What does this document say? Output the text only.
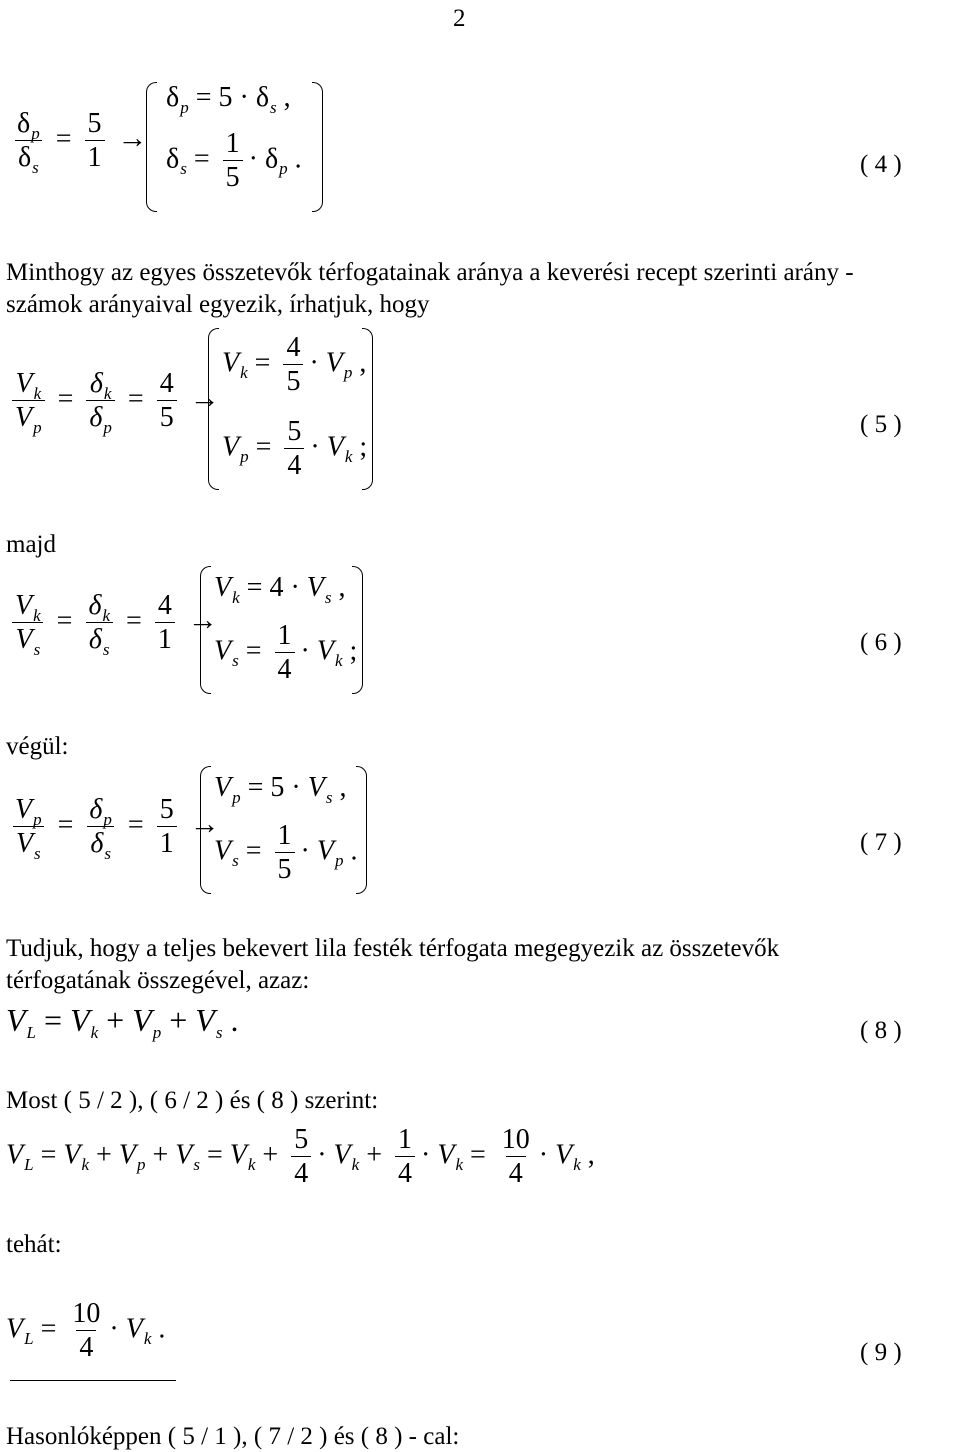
2
$\frac{\delta_p}{\delta_s} = \frac{5}{1}$ →
$\delta_p = 5 \cdot \delta_s$ ,
$\delta_s = \frac{1}{5} \cdot \delta_p$ .	( 4 )
Minthogy az egyes összetevők térfogatainak aránya a keverési recept szerinti arány -
számok arányaival egyezik, írhatjuk, hogy
$\frac{V_k}{V_p} = \frac{\delta_k}{\delta_p} = \frac{4}{5}$ →
$V_k = \frac{4}{5} \cdot V_p$ ,
$V_p = \frac{5}{4} \cdot V_k$ ;
( 5 )
majd
$\frac{V_k}{V_s} = \frac{\delta_k}{\delta_s} = \frac{4}{1}$ →
$V_k = 4 \cdot V_s$ ,
$V_s = \frac{1}{4} \cdot V_k$ ;	( 6 )
végül:
$\frac{V_p}{V_s} = \frac{\delta_p}{\delta_s} = \frac{5}{1}$ →
$V_p = 5 \cdot V_s$ ,
$V_s = \frac{1}{5} \cdot V_p$ .	( 7 )
Tudjuk, hogy a teljes bekevert lila festék térfogata megegyezik az összetevők
térfogatának összegével, azaz:
$V_L = V_k + V_p + V_s$ .	( 8 )
Most ( 5 / 2 ), ( 6 / 2 ) és ( 8 ) szerint:
$V_L = V_k + V_p + V_s = V_k + \frac{5}{4} \cdot V_k + \frac{1}{4} \cdot V_k = \frac{10}{4} \cdot V_k$ ,
tehát:
$V_L = \frac{10}{4} \cdot V_k$ .
( 9 )
Hasonlóképpen ( 5 / 1 ), ( 7 / 2 ) és ( 8 ) - cal:
